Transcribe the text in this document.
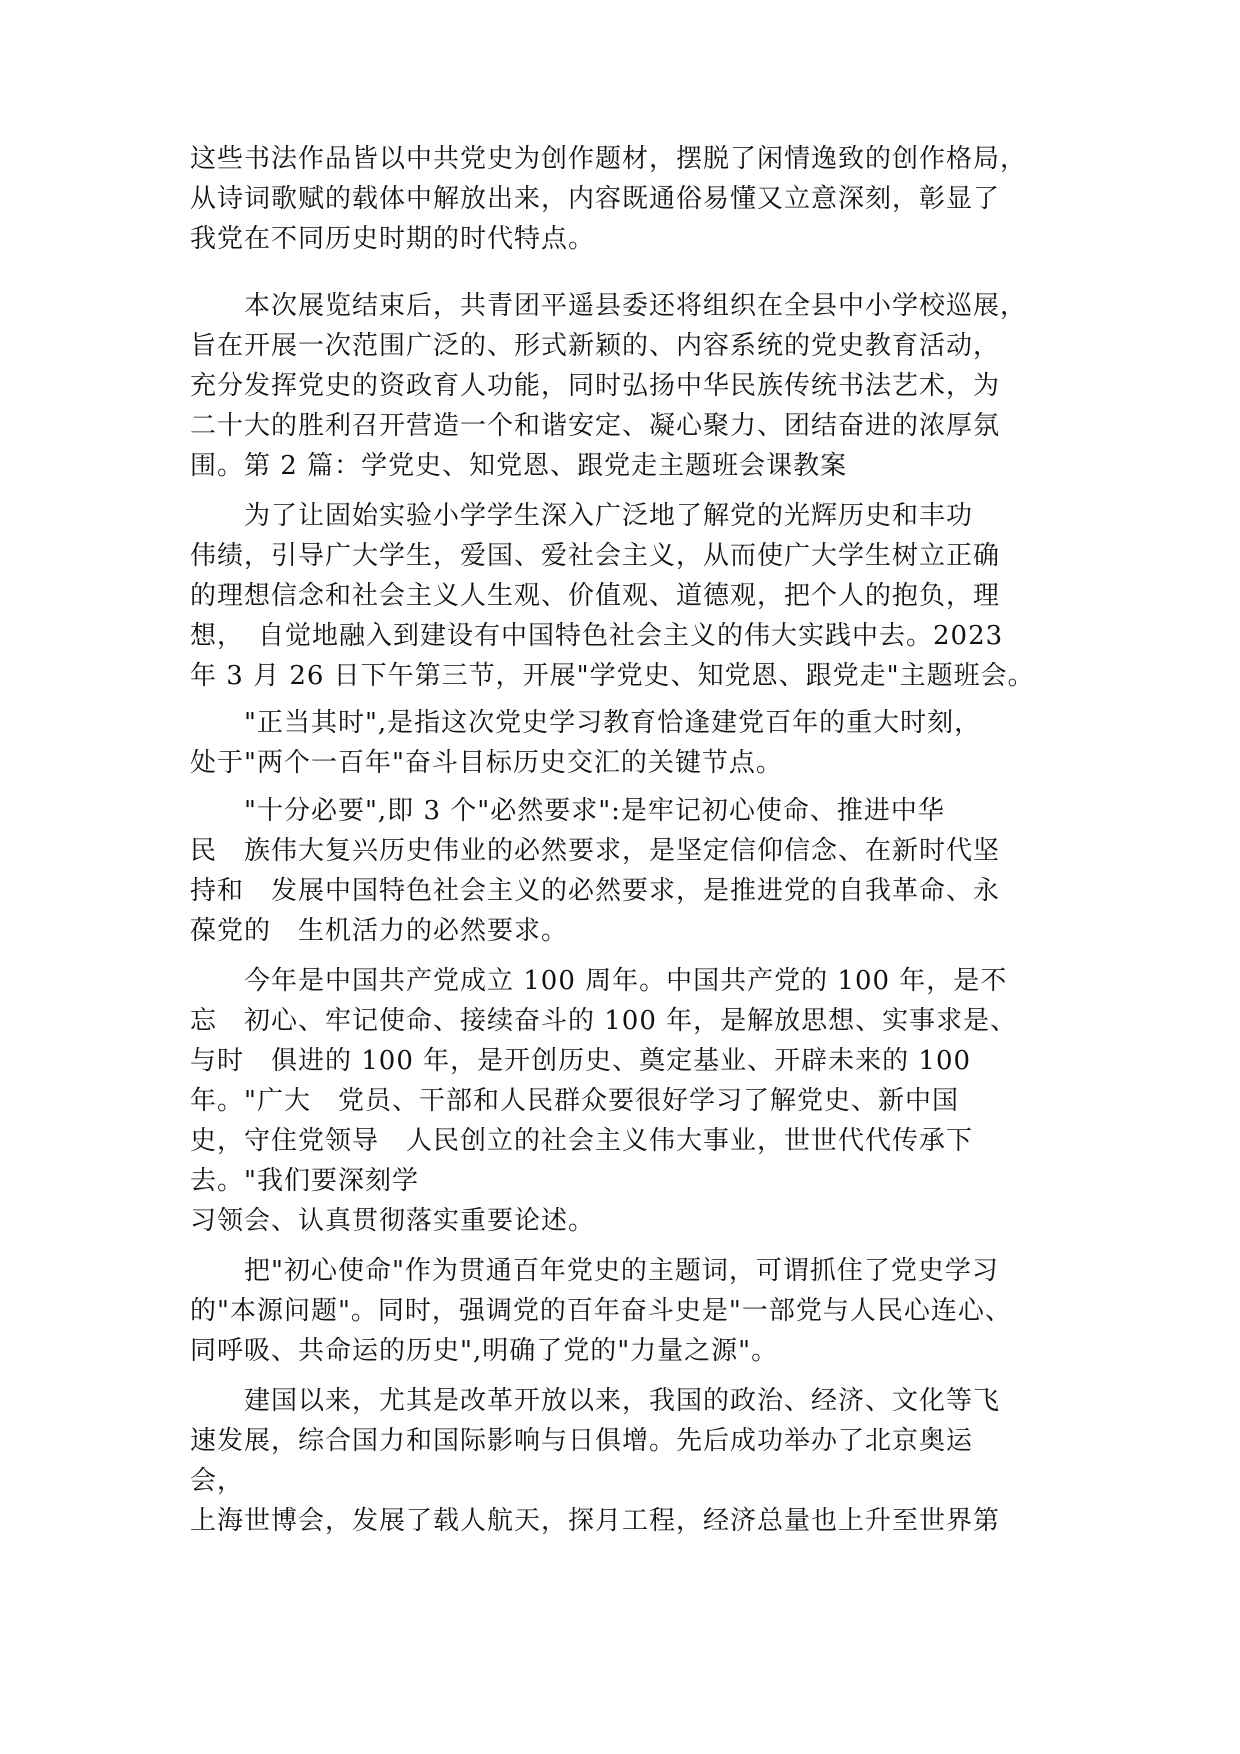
这些书法作品皆以中共党史为创作题材，摆脱了闲情逸致的创作格局，
从诗词歌赋的载体中解放出来，内容既通俗易懂又立意深刻，彰显了
我党在不同历史时期的时代特点。
　　本次展览结束后，共青团平遥县委还将组织在全县中小学校巡展，
旨在开展一次范围广泛的、形式新颖的、内容系统的党史教育活动，
充分发挥党史的资政育人功能，同时弘扬中华民族传统书法艺术，为
二十大的胜利召开营造一个和谐安定、凝心聚力、团结奋进的浓厚氛
围。第 2 篇：学党史、知党恩、跟党走主题班会课教案
　　为了让固始实验小学学生深入广泛地了解党的光辉历史和丰功
伟绩，引导广大学生，爱国、爱社会主义，从而使广大学生树立正确
的理想信念和社会主义人生观、价值观、道德观，把个人的抱负，理
想，　自觉地融入到建设有中国特色社会主义的伟大实践中去。2023
年 3 月 26 日下午第三节，开展"学党史、知党恩、跟党走"主题班会。
　　"正当其时",是指这次党史学习教育恰逢建党百年的重大时刻，
处于"两个一百年"奋斗目标历史交汇的关键节点。
　　"十分必要",即 3 个"必然要求":是牢记初心使命、推进中华
民　族伟大复兴历史伟业的必然要求，是坚定信仰信念、在新时代坚
持和　发展中国特色社会主义的必然要求，是推进党的自我革命、永
葆党的　生机活力的必然要求。
　　今年是中国共产党成立 100 周年。中国共产党的 100 年，是不
忘　初心、牢记使命、接续奋斗的 100 年，是解放思想、实事求是、
与时　俱进的 100 年，是开创历史、奠定基业、开辟未来的 100
年。"广大　党员、干部和人民群众要很好学习了解党史、新中国
史，守住党领导　人民创立的社会主义伟大事业，世世代代传承下
去。"我们要深刻学
习领会、认真贯彻落实重要论述。
　　把"初心使命"作为贯通百年党史的主题词，可谓抓住了党史学习
的"本源问题"。同时，强调党的百年奋斗史是"一部党与人民心连心、
同呼吸、共命运的历史",明确了党的"力量之源"。
　　建国以来，尤其是改革开放以来，我国的政治、经济、文化等飞
速发展，综合国力和国际影响与日俱增。先后成功举办了北京奥运
会，
上海世博会，发展了载人航天，探月工程，经济总量也上升至世界第
